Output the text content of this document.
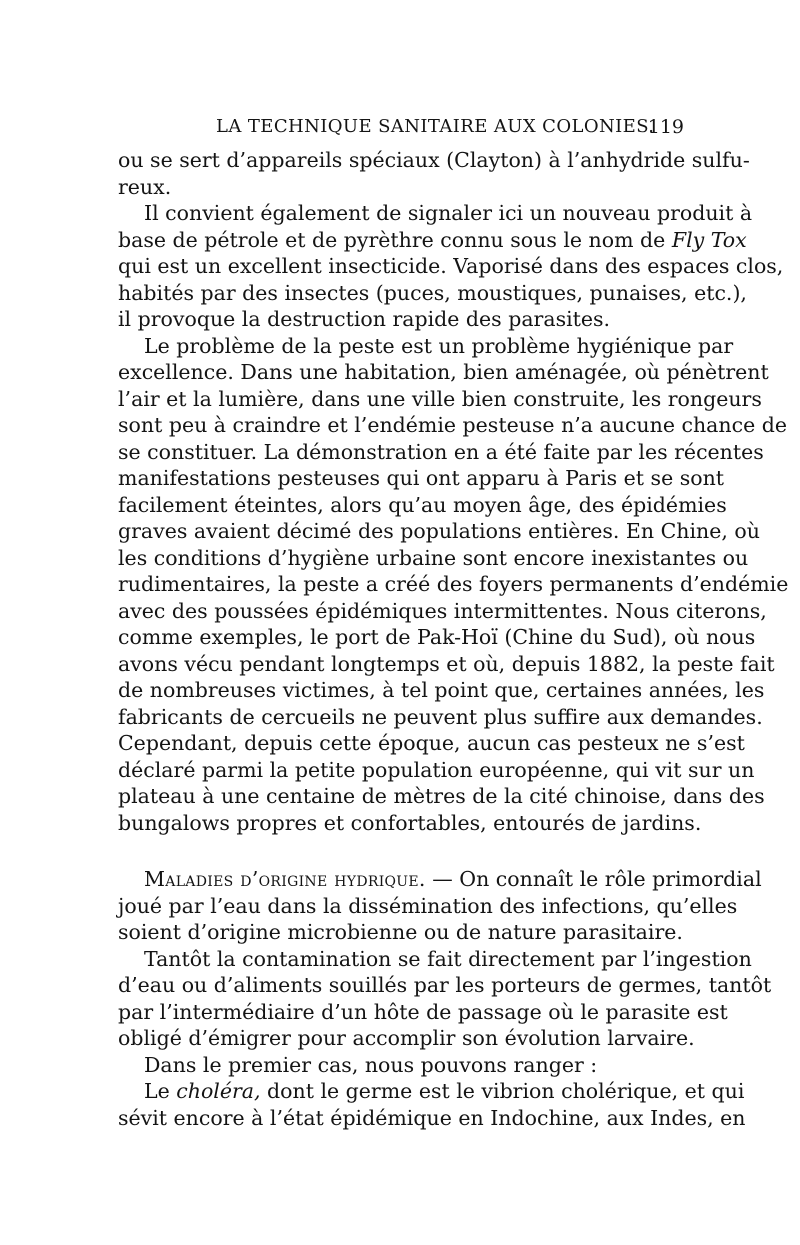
LA TECHNIQUE SANITAIRE AUX COLONIES.
119
ou se sert d’appareils spéciaux (Clayton) à l’anhydride sulfu-
reux.
Il convient également de signaler ici un nouveau produit à
base de pétrole et de pyrèthre connu sous le nom de Fly Tox
qui est un excellent insecticide. Vaporisé dans des espaces clos,
habités par des insectes (puces, moustiques, punaises, etc.),
il provoque la destruction rapide des parasites.
Le problème de la peste est un problème hygiénique par
excellence. Dans une habitation, bien aménagée, où pénètrent
l’air et la lumière, dans une ville bien construite, les rongeurs
sont peu à craindre et l’endémie pesteuse n’a aucune chance de
se constituer. La démonstration en a été faite par les récentes
manifestations pesteuses qui ont apparu à Paris et se sont
facilement éteintes, alors qu’au moyen âge, des épidémies
graves avaient décimé des populations entières. En Chine, où
les conditions d’hygiène urbaine sont encore inexistantes ou
rudimentaires, la peste a créé des foyers permanents d’endémie
avec des poussées épidémiques intermittentes. Nous citerons,
comme exemples, le port de Pak-Hoï (Chine du Sud), où nous
avons vécu pendant longtemps et où, depuis 1882, la peste fait
de nombreuses victimes, à tel point que, certaines années, les
fabricants de cercueils ne peuvent plus suffire aux demandes.
Cependant, depuis cette époque, aucun cas pesteux ne s’est
déclaré parmi la petite population européenne, qui vit sur un
plateau à une centaine de mètres de la cité chinoise, dans des
bungalows propres et confortables, entourés de jardins.
Maladies d’origine hydrique. — On connaît le rôle primordial
joué par l’eau dans la dissémination des infections, qu’elles
soient d’origine microbienne ou de nature parasitaire.
Tantôt la contamination se fait directement par l’ingestion
d’eau ou d’aliments souillés par les porteurs de germes, tantôt
par l’intermédiaire d’un hôte de passage où le parasite est
obligé d’émigrer pour accomplir son évolution larvaire.
Dans le premier cas, nous pouvons ranger :
Le choléra, dont le germe est le vibrion cholérique, et qui
sévit encore à l’état épidémique en Indochine, aux Indes, en
